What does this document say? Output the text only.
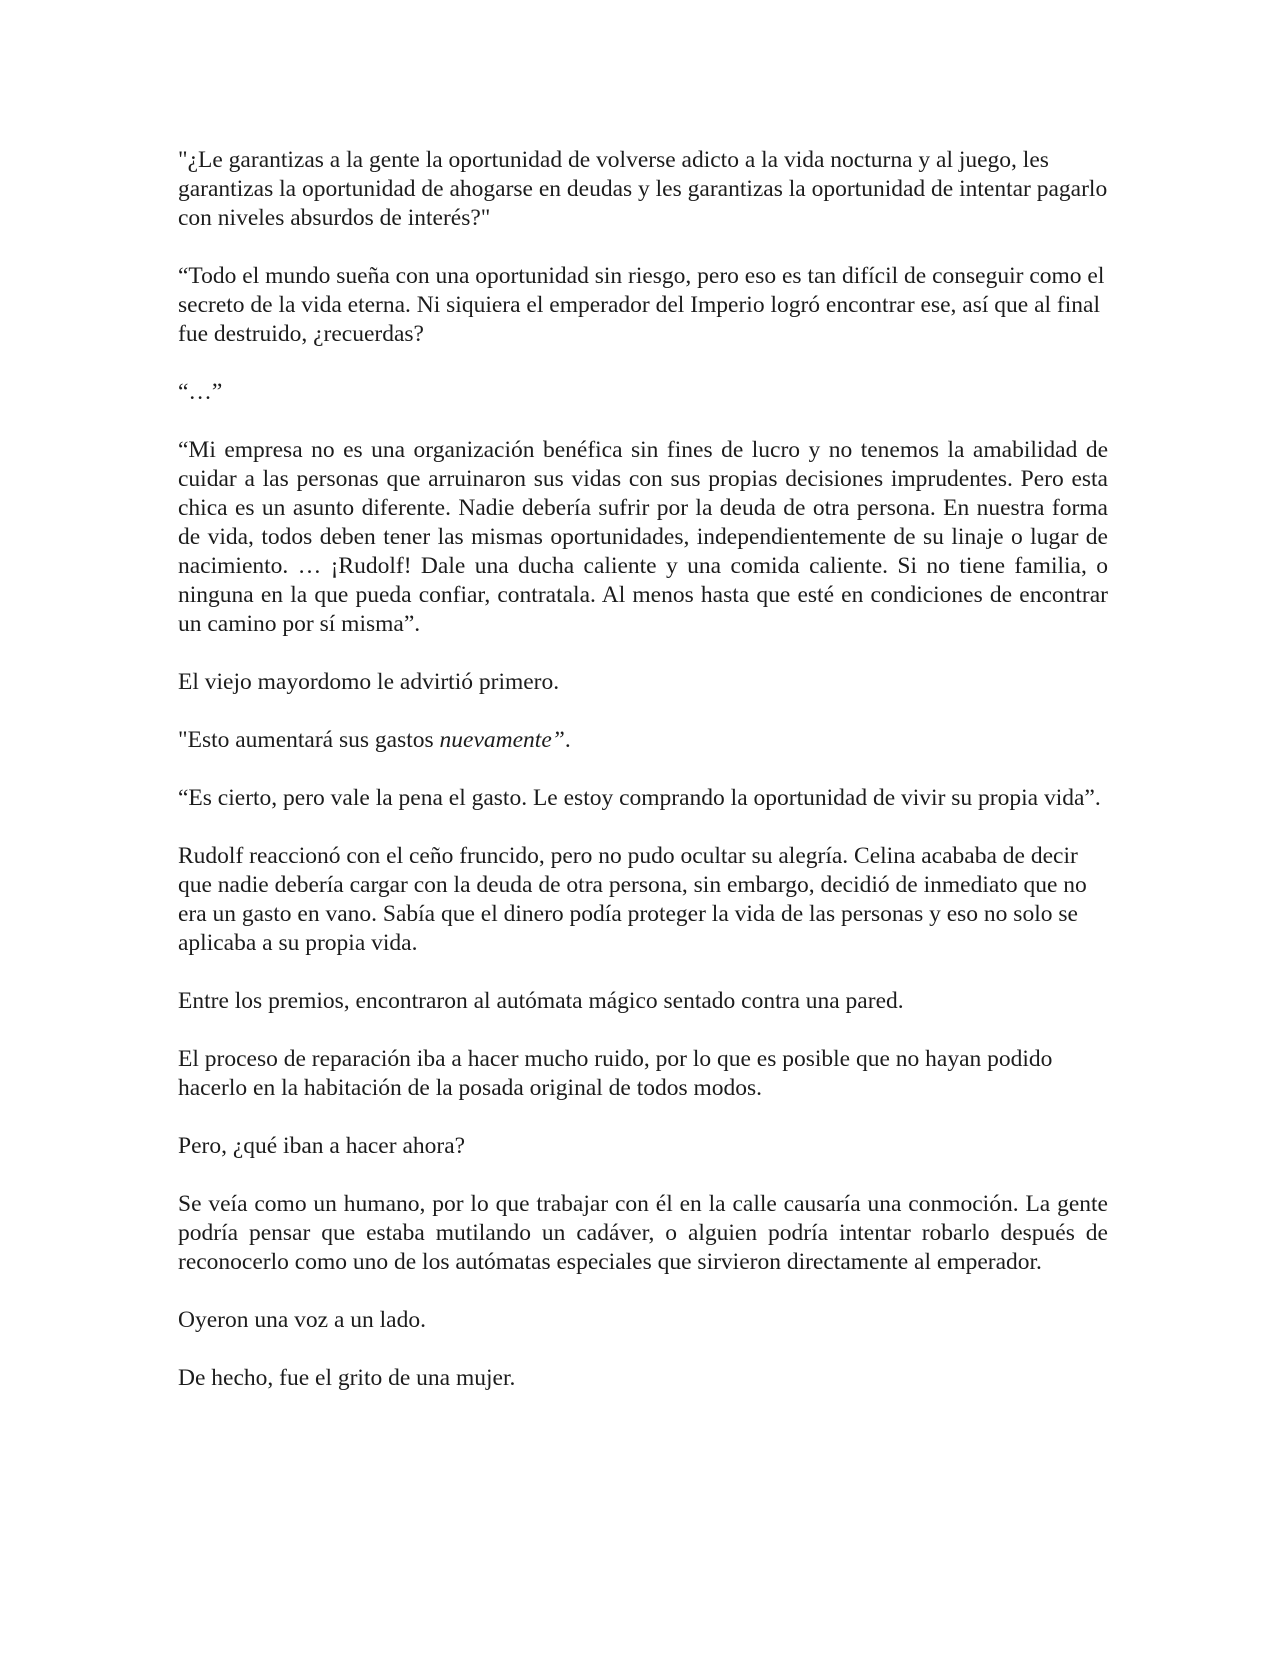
"¿Le garantizas a la gente la oportunidad de volverse adicto a la vida nocturna y al juego, les garantizas la oportunidad de ahogarse en deudas y les garantizas la oportunidad de intentar pagarlo con niveles absurdos de interés?"

“Todo el mundo sueña con una oportunidad sin riesgo, pero eso es tan difícil de conseguir como el secreto de la vida eterna. Ni siquiera el emperador del Imperio logró encontrar ese, así que al final fue destruido, ¿recuerdas?

“…”

“Mi empresa no es una organización benéfica sin fines de lucro y no tenemos la amabilidad de cuidar a las personas que arruinaron sus vidas con sus propias decisiones imprudentes. Pero esta chica es un asunto diferente. Nadie debería sufrir por la deuda de otra persona. En nuestra forma de vida, todos deben tener las mismas oportunidades, independientemente de su linaje o lugar de nacimiento. … ¡Rudolf! Dale una ducha caliente y una comida caliente. Si no tiene familia, o ninguna en la que pueda confiar, contratala. Al menos hasta que esté en condiciones de encontrar un camino por sí misma”.

El viejo mayordomo le advirtió primero.

"Esto aumentará sus gastos nuevamente”.

“Es cierto, pero vale la pena el gasto. Le estoy comprando la oportunidad de vivir su propia vida”.

Rudolf reaccionó con el ceño fruncido, pero no pudo ocultar su alegría. Celina acababa de decir que nadie debería cargar con la deuda de otra persona, sin embargo, decidió de inmediato que no era un gasto en vano. Sabía que el dinero podía proteger la vida de las personas y eso no solo se aplicaba a su propia vida.

Entre los premios, encontraron al autómata mágico sentado contra una pared.

El proceso de reparación iba a hacer mucho ruido, por lo que es posible que no hayan podido hacerlo en la habitación de la posada original de todos modos.

Pero, ¿qué iban a hacer ahora?

Se veía como un humano, por lo que trabajar con él en la calle causaría una conmoción. La gente podría pensar que estaba mutilando un cadáver, o alguien podría intentar robarlo después de reconocerlo como uno de los autómatas especiales que sirvieron directamente al emperador.

Oyeron una voz a un lado.

De hecho, fue el grito de una mujer.
